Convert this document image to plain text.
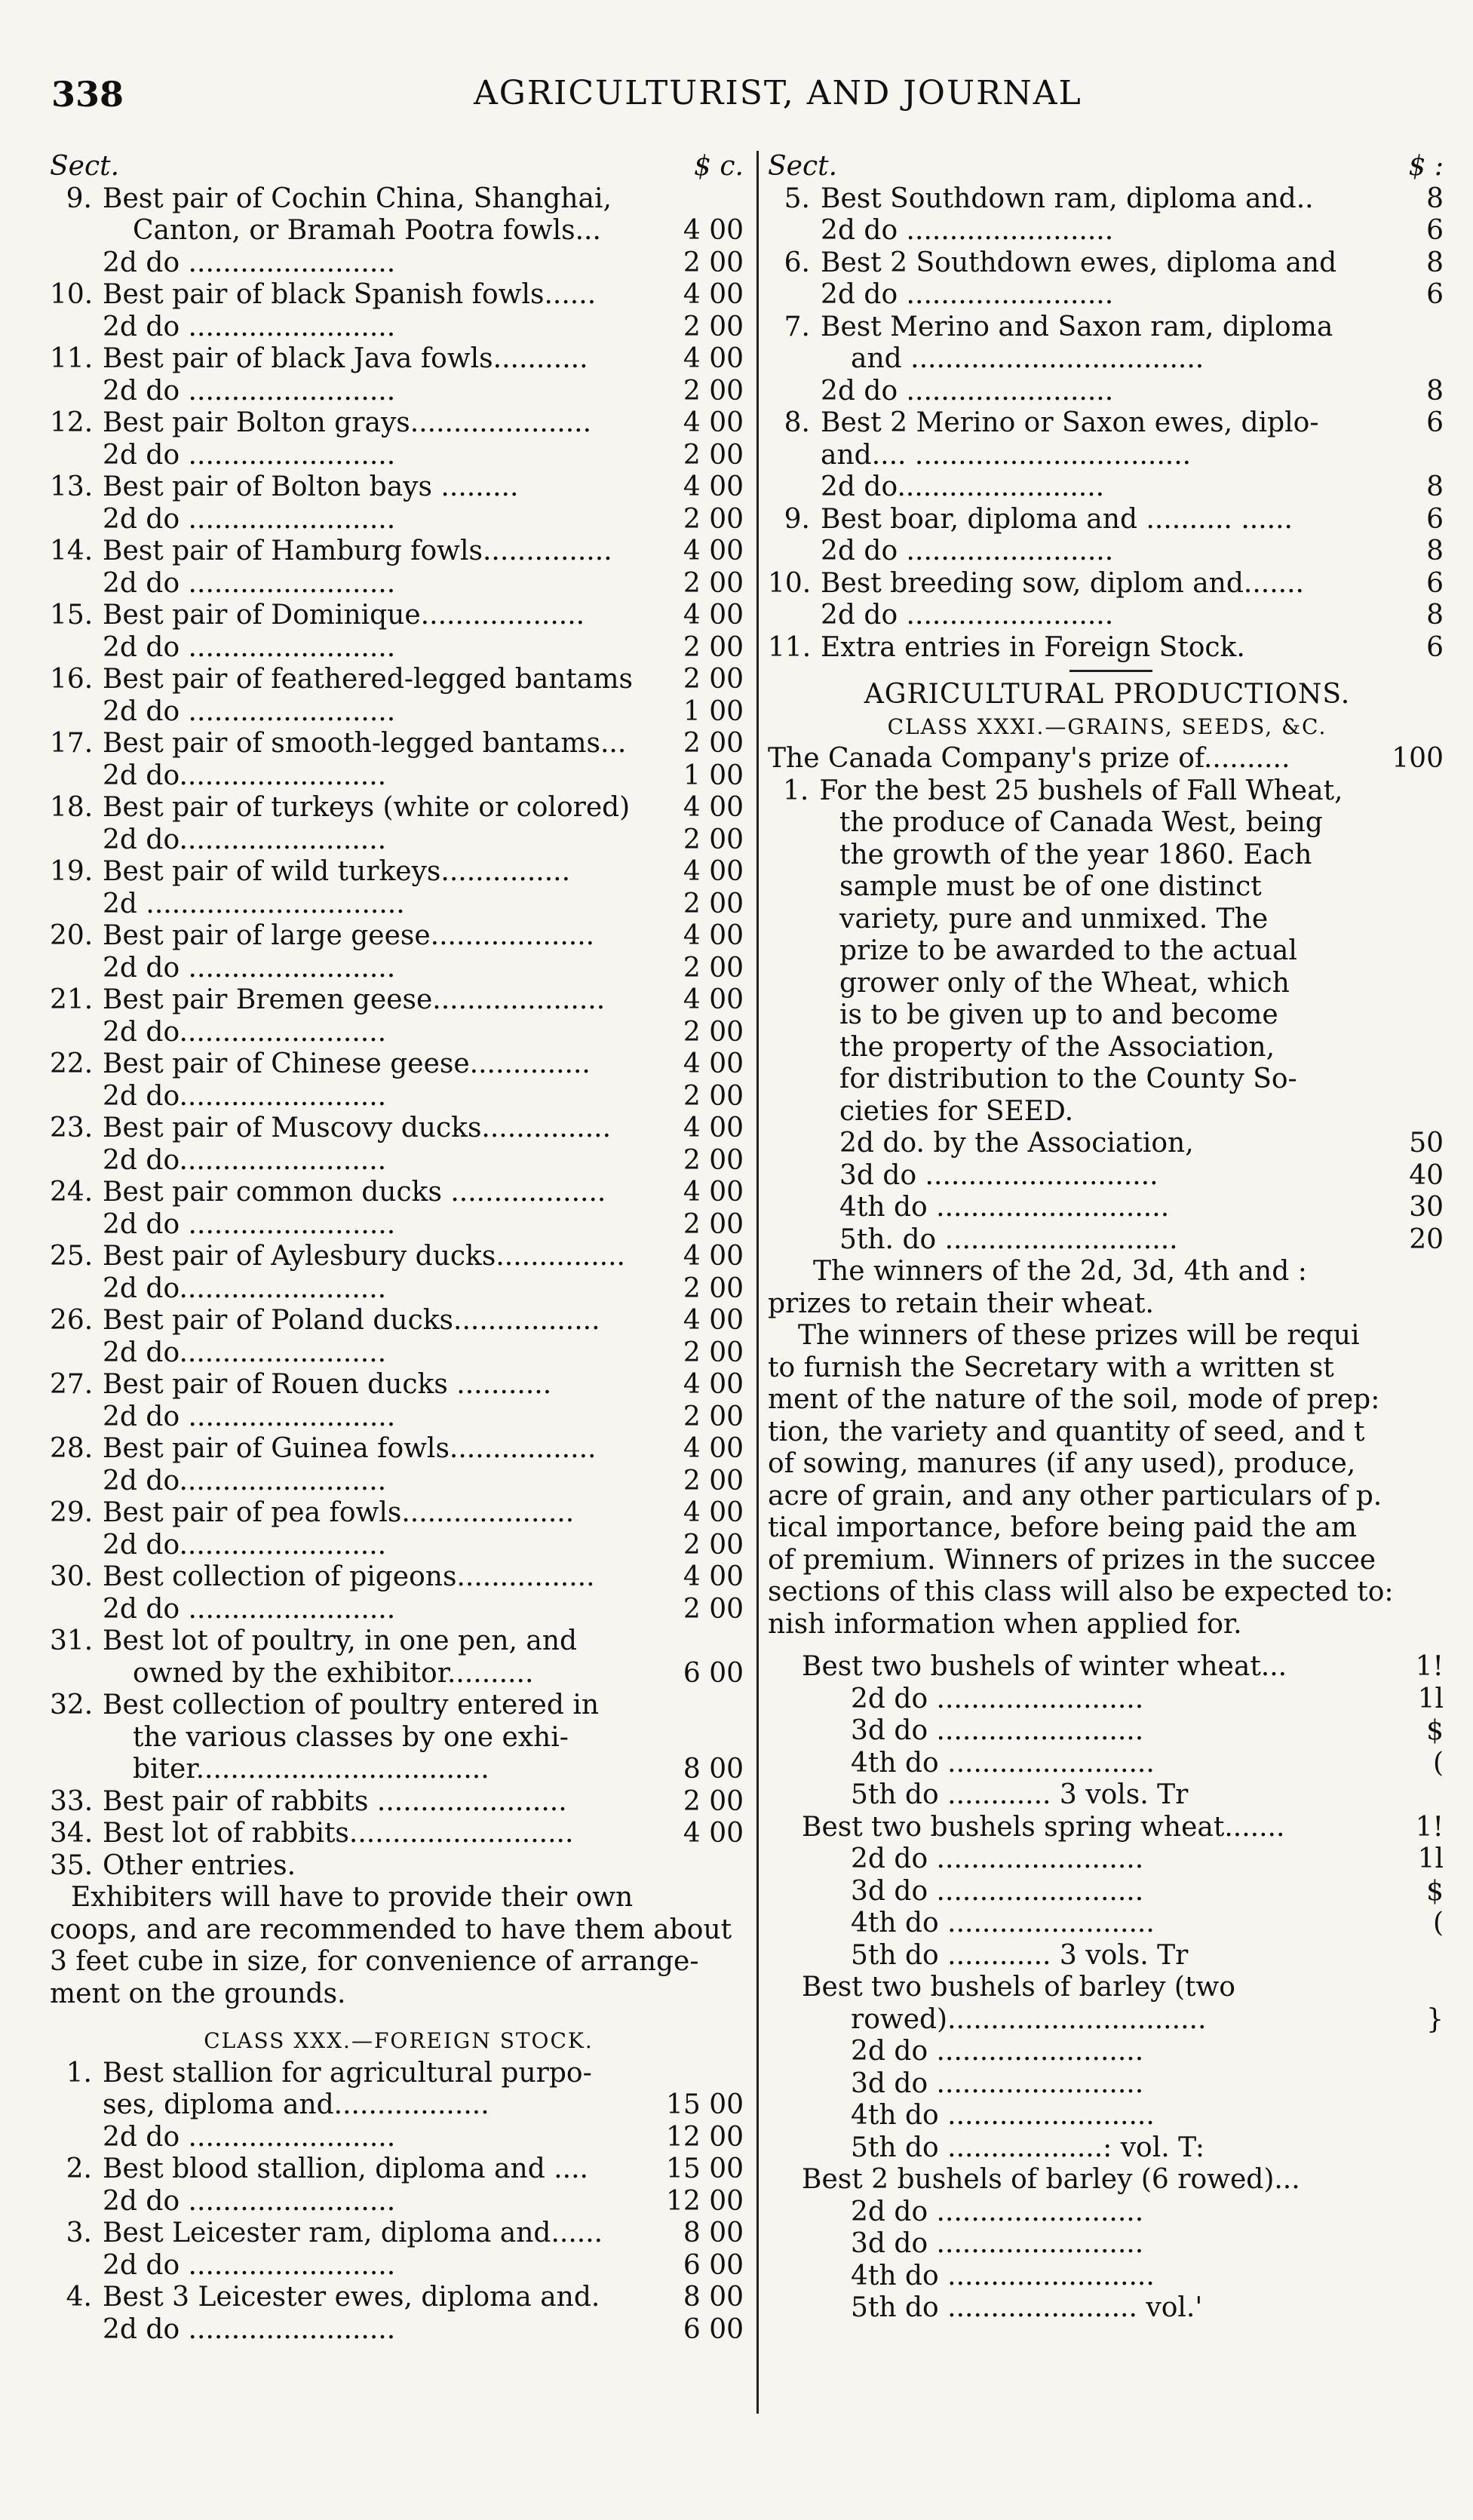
338	AGRICULTURIST, AND JOURNAL
Sect.	$ c.
9. Best pair of Cochin China, Shanghai,
Canton, or Bramah Pootra fowls...	4 00
2d do ........................	2 00
10. Best pair of black Spanish fowls......	4 00
2d do ........................	2 00
11. Best pair of black Java fowls...........	4 00
2d do ........................	2 00
12. Best pair Bolton grays.....................	4 00
2d do ........................	2 00
13. Best pair of Bolton bays .........	4 00
2d do ........................	2 00
14. Best pair of Hamburg fowls...............	4 00
2d do ........................	2 00
15. Best pair of Dominique...................	4 00
2d do ........................	2 00
16. Best pair of feathered-legged bantams	2 00
2d do ........................	1 00
17. Best pair of smooth-legged bantams...	2 00
2d do........................	1 00
18. Best pair of turkeys (white or colored)	4 00
2d do........................	2 00
19. Best pair of wild turkeys...............	4 00
2d ..............................	2 00
20. Best pair of large geese...................	4 00
2d do ........................	2 00
21. Best pair Bremen geese....................	4 00
2d do........................	2 00
22. Best pair of Chinese geese..............	4 00
2d do........................	2 00
23. Best pair of Muscovy ducks...............	4 00
2d do........................	2 00
24. Best pair common ducks ..................	4 00
2d do ........................	2 00
25. Best pair of Aylesbury ducks...............	4 00
2d do........................	2 00
26. Best pair of Poland ducks.................	4 00
2d do........................	2 00
27. Best pair of Rouen ducks ...........	4 00
2d do ........................	2 00
28. Best pair of Guinea fowls.................	4 00
2d do........................	2 00
29. Best pair of pea fowls....................	4 00
2d do........................	2 00
30. Best collection of pigeons................	4 00
2d do ........................	2 00
31. Best lot of poultry, in one pen, and
owned by the exhibitor..........	6 00
32. Best collection of poultry entered in
the various classes by one exhi-
biter..................................	8 00
33. Best pair of rabbits ......................	2 00
34. Best lot of rabbits..........................	4 00
35. Other entries.
Exhibiters will have to provide their own
coops, and are recommended to have them about
3 feet cube in size, for convenience of arrange-
ment on the grounds.
CLASS XXX.—FOREIGN STOCK.
1. Best stallion for agricultural purpo-
ses, diploma and..................	15 00
2d do ........................	12 00
2. Best blood stallion, diploma and ....	15 00
2d do ........................	12 00
3. Best Leicester ram, diploma and......	8 00
2d do ........................	6 00
4. Best 3 Leicester ewes, diploma and.	8 00
2d do ........................	6 00
Sect.	$ :
5. Best Southdown ram, diploma and..	8
2d do ........................	6
6. Best 2 Southdown ewes, diploma and	8
2d do ........................	6
7. Best Merino and Saxon ram, diploma
and ..................................
2d do ........................	8
8. Best 2 Merino or Saxon ewes, diplo-	6
and.... ................................
2d do........................	8
9. Best boar, diploma and .......... ......	6
2d do ........................	8
10. Best breeding sow, diplom and.......	6
2d do ........................	8
11. Extra entries in Foreign Stock.	6
AGRICULTURAL PRODUCTIONS.
CLASS XXXI.—GRAINS, SEEDS, &C.
The Canada Company's prize of..........	100
1. For the best 25 bushels of Fall Wheat,
the produce of Canada West, being
the growth of the year 1860. Each
sample must be of one distinct
variety, pure and unmixed. The
prize to be awarded to the actual
grower only of the Wheat, which
is to be given up to and become
the property of the Association,
for distribution to the County So-
cieties for SEED.
2d do. by the Association,	50
3d do ...........................	40
4th do ...........................	30
5th. do ...........................	20
The winners of the 2d, 3d, 4th and :
prizes to retain their wheat.
The winners of these prizes will be requi
to furnish the Secretary with a written st
ment of the nature of the soil, mode of prep:
tion, the variety and quantity of seed, and t
of sowing, manures (if any used), produce,
acre of grain, and any other particulars of p.
tical importance, before being paid the am
of premium. Winners of prizes in the succee
sections of this class will also be expected to:
nish information when applied for.
Best two bushels of winter wheat...	1!
2d do ........................	1l
3d do ........................	$
4th do ........................	(
5th do ............ 3 vols. Tr
Best two bushels spring wheat.......	1!
2d do ........................	1l
3d do ........................	$
4th do ........................	(
5th do ............ 3 vols. Tr
Best two bushels of barley (two
rowed)..............................	}
2d do ........................
3d do ........................
4th do ........................
5th do ..................: vol. T:
Best 2 bushels of barley (6 rowed)...
2d do ........................
3d do ........................
4th do ........................
5th do ...................... vol.'
